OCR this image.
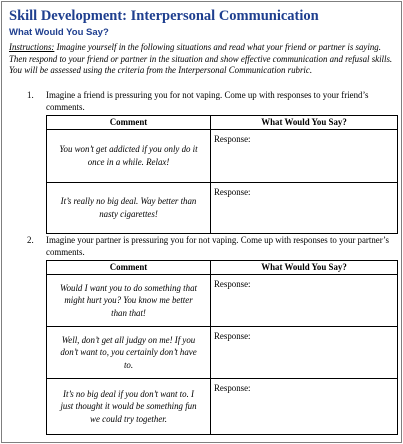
Skill Development: Interpersonal Communication
What Would You Say?

Instructions: Imagine yourself in the following situations and read what your friend or partner is saying. Then respond to your friend or partner in the situation and show effective communication and refusal skills. You will be assessed using the criteria from the Interpersonal Communication rubric.

1. Imagine a friend is pressuring you for not vaping. Come up with responses to your friend’s comments.
Comment	What Would You Say?
You won’t get addicted if you only do it once in a while. Relax!	Response:
It’s really no big deal. Way better than nasty cigarettes!	Response:
2. Imagine your partner is pressuring you for not vaping. Come up with responses to your partner’s comments.
Comment	What Would You Say?
Would I want you to do something that might hurt you? You know me better than that!	Response:
Well, don’t get all judgy on me! If you don’t want to, you certainly don’t have to.	Response:
It’s no big deal if you don’t want to. I just thought it would be something fun we could try together.	Response:
